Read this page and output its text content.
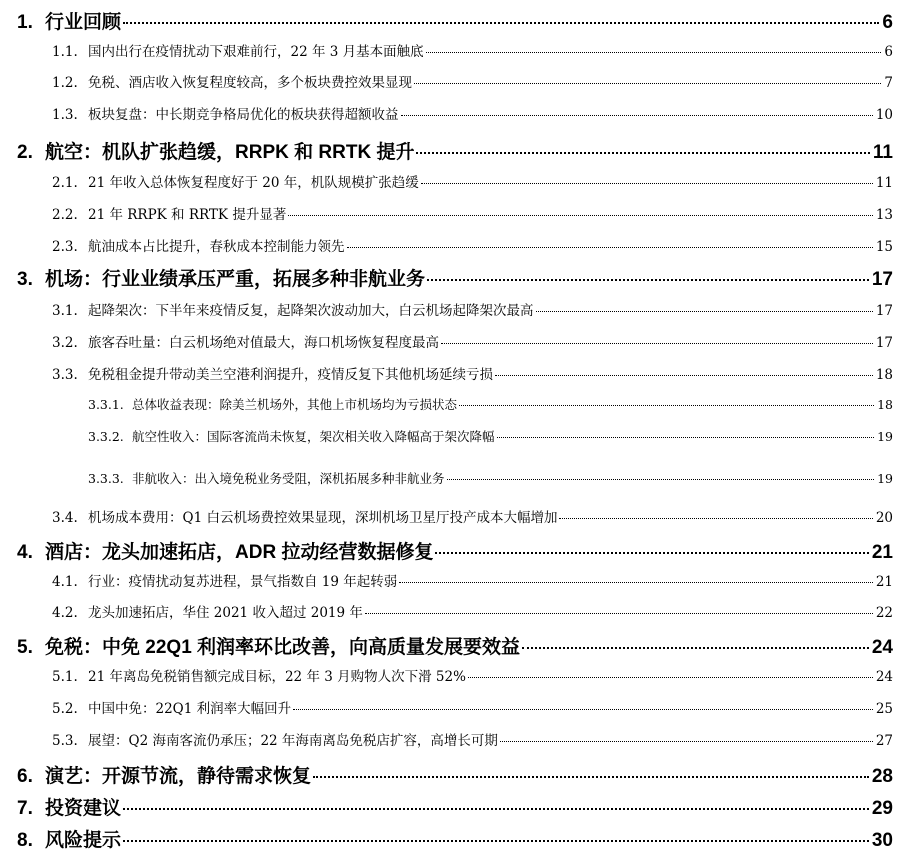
1. 行业回顾	6
1.1. 国内出行在疫情扰动下艰难前行，22 年 3 月基本面触底	6
1.2. 免税、酒店收入恢复程度较高，多个板块费控效果显现	7
1.3. 板块复盘：中长期竞争格局优化的板块获得超额收益	10
2. 航空：机队扩张趋缓，RRPK 和 RRTK 提升	11
2.1. 21 年收入总体恢复程度好于 20 年，机队规模扩张趋缓	11
2.2. 21 年 RRPK 和 RRTK 提升显著	13
2.3. 航油成本占比提升，春秋成本控制能力领先	15
3. 机场：行业业绩承压严重，拓展多种非航业务	17
3.1. 起降架次：下半年来疫情反复，起降架次波动加大，白云机场起降架次最高	17
3.2. 旅客吞吐量：白云机场绝对值最大，海口机场恢复程度最高	17
3.3. 免税租金提升带动美兰空港利润提升，疫情反复下其他机场延续亏损	18
3.3.1. 总体收益表现：除美兰机场外，其他上市机场均为亏损状态	18
3.3.2. 航空性收入：国际客流尚未恢复，架次相关收入降幅高于架次降幅	19
3.3.3. 非航收入：出入境免税业务受阻，深机拓展多种非航业务	19
3.4. 机场成本费用：Q1 白云机场费控效果显现，深圳机场卫星厅投产成本大幅增加	20
4. 酒店：龙头加速拓店，ADR 拉动经营数据修复	21
4.1. 行业：疫情扰动复苏进程，景气指数自 19 年起转弱	21
4.2. 龙头加速拓店，华住 2021 收入超过 2019 年	22
5. 免税：中免 22Q1 利润率环比改善，向高质量发展要效益	24
5.1. 21 年离岛免税销售额完成目标，22 年 3 月购物人次下滑 52%	24
5.2. 中国中免：22Q1 利润率大幅回升	25
5.3. 展望：Q2 海南客流仍承压；22 年海南离岛免税店扩容，高增长可期	27
6. 演艺：开源节流，静待需求恢复	28
7. 投资建议	29
8. 风险提示	30
